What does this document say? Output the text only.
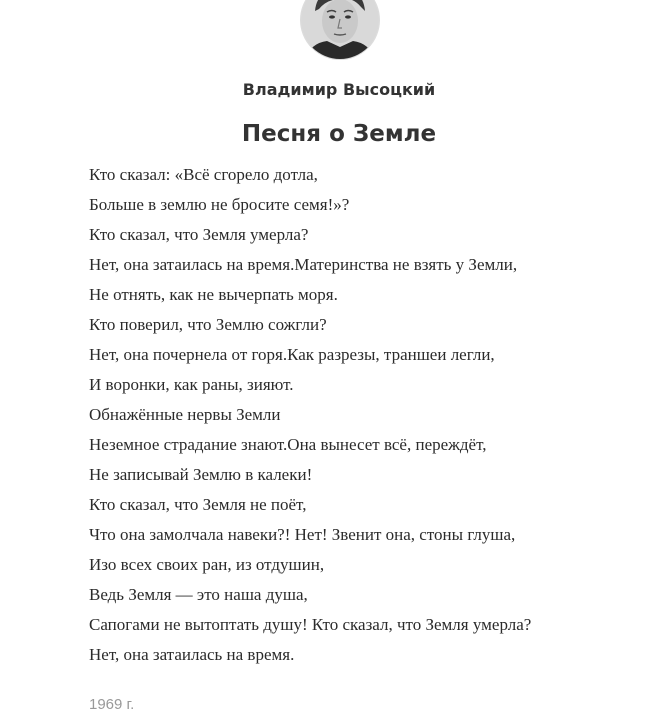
Владимир Высоцкий
Песня о Земле
Кто сказал: «Всё сгорело дотла,
Больше в землю не бросите семя!»?
Кто сказал, что Земля умерла?
Нет, она затаилась на время.Материнства не взять у Земли,
Не отнять, как не вычерпать моря.
Кто поверил, что Землю сожгли?
Нет, она почернела от горя.Как разрезы, траншеи легли,
И воронки, как раны, зияют.
Обнажённые нервы Земли
Неземное страдание знают.Она вынесет всё, переждёт,
Не записывай Землю в калеки!
Кто сказал, что Земля не поёт,
Что она замолчала навеки?! Нет! Звенит она, стоны глуша,
Изо всех своих ран, из отдушин,
Ведь Земля — это наша душа,
Сапогами не вытоптать душу! Кто сказал, что Земля умерла?
Нет, она затаилась на время.
1969 г.
